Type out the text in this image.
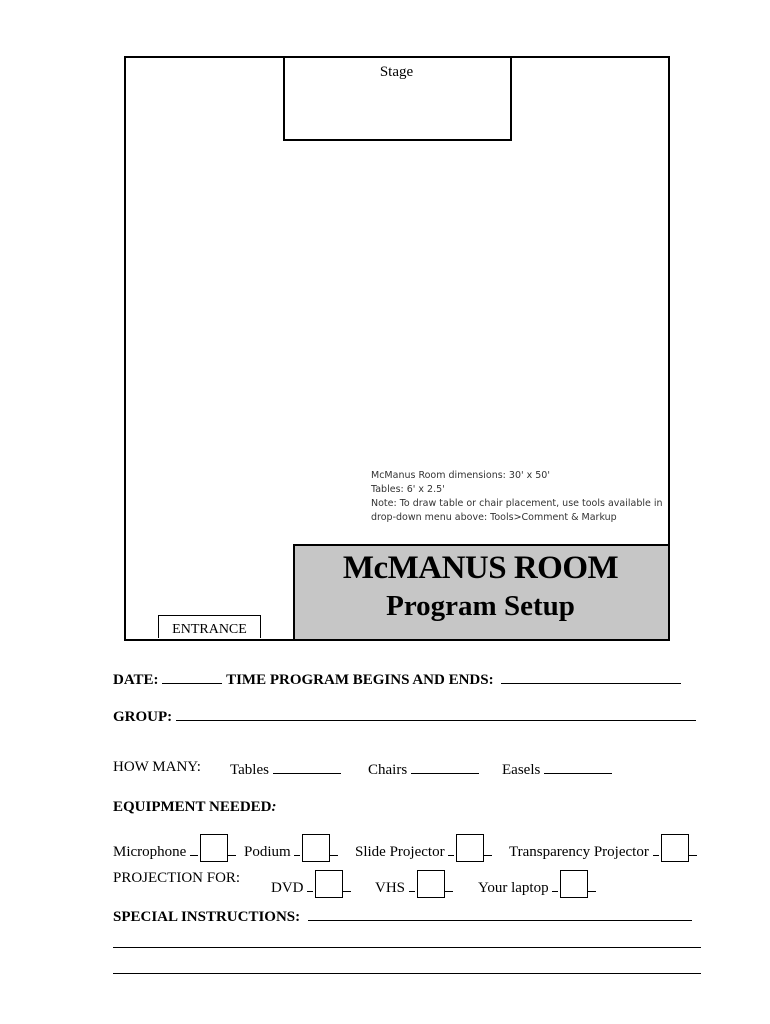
Stage
McManus Room dimensions: 30' x 50'
Tables: 6' x 2.5'
Note: To draw table or chair placement, use tools available in
drop-down menu above: Tools>Comment & Markup
McMANUS ROOM
Program Setup
ENTRANCE
DATE:	TIME PROGRAM BEGINS AND ENDS:
GROUP:
HOW MANY: Tables	Chairs	Easels
EQUIPMENT NEEDED:
Microphone	Podium	Slide Projector	Transparency Projector
PROJECTION FOR:
DVD	VHS	Your laptop
SPECIAL INSTRUCTIONS:
